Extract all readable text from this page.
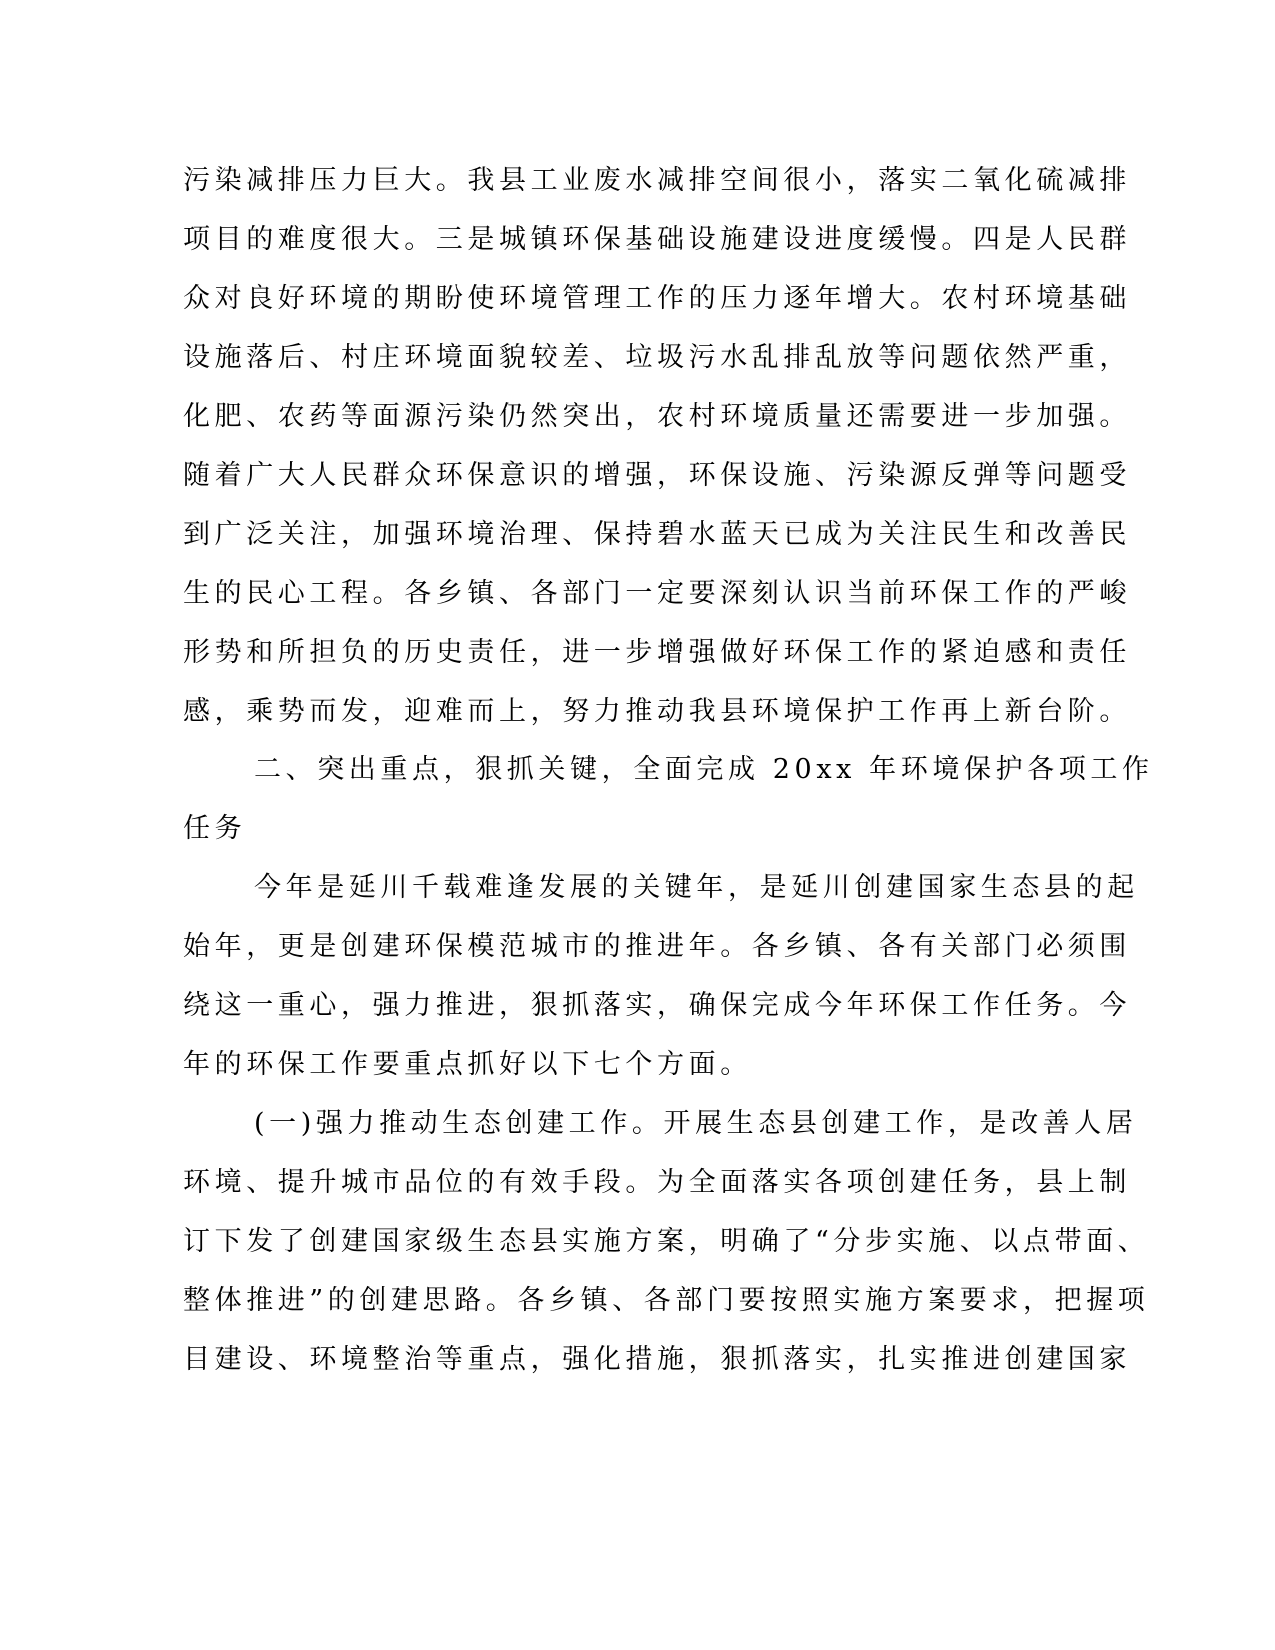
污染减排压力巨大。我县工业废水减排空间很小，落实二氧化硫减排
项目的难度很大。三是城镇环保基础设施建设进度缓慢。四是人民群
众对良好环境的期盼使环境管理工作的压力逐年增大。农村环境基础
设施落后、村庄环境面貌较差、垃圾污水乱排乱放等问题依然严重，
化肥、农药等面源污染仍然突出，农村环境质量还需要进一步加强。
随着广大人民群众环保意识的增强，环保设施、污染源反弹等问题受
到广泛关注，加强环境治理、保持碧水蓝天已成为关注民生和改善民
生的民心工程。各乡镇、各部门一定要深刻认识当前环保工作的严峻
形势和所担负的历史责任，进一步增强做好环保工作的紧迫感和责任
感，乘势而发，迎难而上，努力推动我县环境保护工作再上新台阶。
二、突出重点，狠抓关键，全面完成 20xx 年环境保护各项工作
任务
今年是延川千载难逢发展的关键年，是延川创建国家生态县的起
始年，更是创建环保模范城市的推进年。各乡镇、各有关部门必须围
绕这一重心，强力推进，狠抓落实，确保完成今年环保工作任务。今
年的环保工作要重点抓好以下七个方面。
(一)强力推动生态创建工作。开展生态县创建工作，是改善人居
环境、提升城市品位的有效手段。为全面落实各项创建任务，县上制
订下发了创建国家级生态县实施方案，明确了“分步实施、以点带面、
整体推进”的创建思路。各乡镇、各部门要按照实施方案要求，把握项
目建设、环境整治等重点，强化措施，狠抓落实，扎实推进创建国家
